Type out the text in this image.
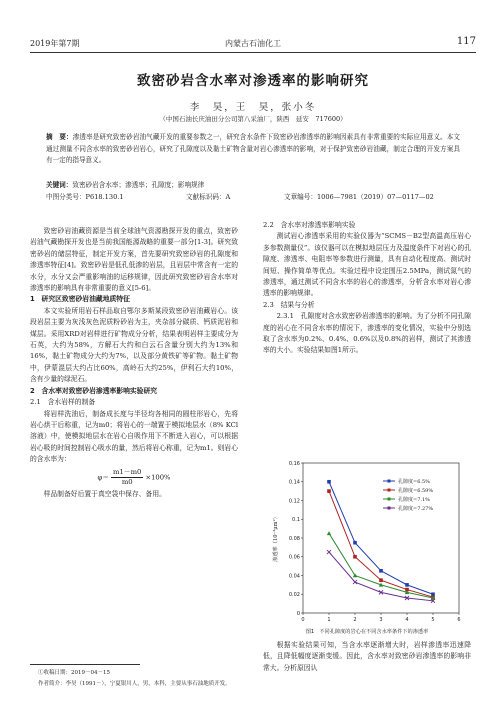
2019年第7期	内蒙古石油化工	117
致密砂岩含水率对渗透率的影响研究
李　昊，王　昊，张小冬
（中国石油长庆油田分公司第八采油厂，陕西　延安　717600）
摘　要：渗透率是研究致密砂岩油气藏开发的重要参数之一，研究含水条件下致密砂岩渗透率的影响因素具有非常重要的实际应用意义。本文通过测量不同含水率的致密砂岩岩心，研究了孔隙度以及黏土矿物含量对岩心渗透率的影响，对于保护致密砂岩油藏，制定合理的开发方案具有一定的指导意义。
关键词：致密砂岩含水率；渗透率；孔隙度；影响规律
中图分类号：P618.130.1	文献标识码：A	文章编号：1006—7981（2019）07—0117—02

致密砂岩油藏资源是当前全球油气资源勘探开发的重点，致密砂岩油气藏勘探开发也是当前我国能源战略的重要一部分[1-3]。研究致密砂岩的储层特征，制定开发方案，首先要研究致密砂岩的孔隙度和渗透率特征[4]。致密砂岩是低孔低渗的岩层，且岩层中常含有一定的水分，水分又会严重影响油的运移规律，因此研究致密砂岩含水率对渗透率的影响具有非常重要的意义[5-6]。

1　研究区致密砂岩油藏地质特征

本文实验所用岩石样品取自鄂尔多斯某段致密砂岩油藏岩心。该段岩层主要为灰浅灰色泥质粉砂岩为主，夹杂部分碳质、钙质泥岩和煤层。采用XRD对岩样进行矿物成分分析，结果表明岩样主要成分为石英，大约为58%，方解石大约和白云石含量分别大约为13%和16%，黏土矿物成分大约为7%，以及部分黄铁矿等矿物。黏土矿物中，伊蒙混层大约占比60%，高岭石大约25%，伊利石大约10%，含有少量的绿泥石。

2　含水率对致密砂岩渗透率影响实验研究

2.1　含水岩样的制备

将岩样洗油后，制备成长度与半径均各相同的圆柱形岩心，先将岩心烘干后称重，记为m0；将岩心的一端置于模拟地层水（8% KCl溶液）中，使模拟地层水在岩心自吸作用下不断进入岩心，可以根据岩心吸的时间控制岩心吸水的量，然后将岩心称重，记为m1。则岩心的含水率为：

$\varphi= \frac{m1-m0}{m0} \times 100\%$

样品制备好后置于真空袋中保存、备用。

2.2　含水率对渗透率影响实验

测试岩心渗透率采用的实验仪器为“SCMS－B2型高温高压岩心多参数测量仪”。该仪器可以在模拟地层压力及温度条件下对岩心的孔隙度、渗透率、电阻率等参数进行测量，具有自动化程度高、测试时间短、操作简单等优点。实验过程中设定围压2.5MPa，测试氮气的渗透率，通过测试不同含水率的岩心的渗透率，分析含水率对岩心渗透率的影响规律。

2.3　结果与分析

2.3.1　孔隙度对含水致密砂岩渗透率的影响。为了分析不同孔隙度的岩心在不同含水率的情况下，渗透率的变化情况，实验中分别选取了含水率为0.2%、0.4%、0.6%以及0.8%的岩样，测试了其渗透率的大小。实验结果如图1所示。

0
0.02
0.04
0.06
0.08
0.1
0.12
0.14
0.16
0	1	2	3	4	5	6
渗透率（10⁻³μm²）
孔隙度=6.5%
孔隙度=6.59%
孔隙度=7.1%
孔隙度=7.27%
图1　不同孔隙度的岩心在不同含水率条件下的渗透率

根据实验结果可知，当含水率逐渐增大时，岩样渗透率迅速降低，且降低幅度逐渐变缓。因此，含水率对致密砂岩渗透率的影响非常大。分析原因认

①收稿日期：2019－04－15
作者简介：李昊（1991－），宁夏银川人，男，本科，主要从事石油地质开发。
